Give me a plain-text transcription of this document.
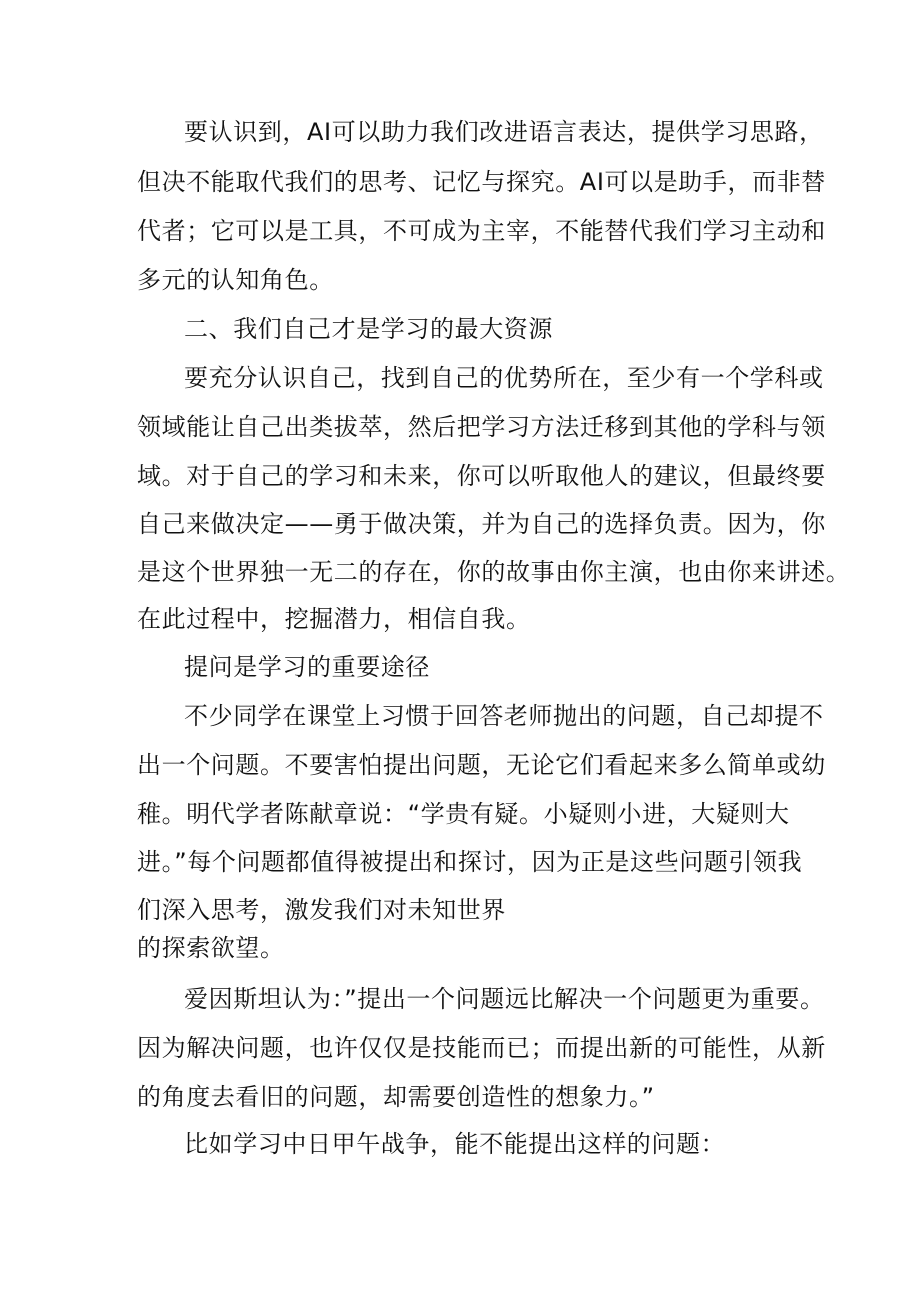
要认识到，AI可以助力我们改进语言表达，提供学习思路，
但决不能取代我们的思考、记忆与探究。AI可以是助手，而非替
代者；它可以是工具，不可成为主宰，不能替代我们学习主动和
多元的认知角色。
二、我们自己才是学习的最大资源
要充分认识自己，找到自己的优势所在，至少有一个学科或
领域能让自己出类拔萃，然后把学习方法迁移到其他的学科与领
域。对于自己的学习和未来，你可以听取他人的建议，但最终要
自己来做决定——勇于做决策，并为自己的选择负责。因为，你
是这个世界独一无二的存在，你的故事由你主演，也由你来讲述。
在此过程中，挖掘潜力，相信自我。
提问是学习的重要途径
不少同学在课堂上习惯于回答老师抛出的问题，自己却提不
出一个问题。不要害怕提出问题，无论它们看起来多么简单或幼
稚。明代学者陈献章说：“学贵有疑。小疑则小进，大疑则大
进。”每个问题都值得被提出和探讨，因为正是这些问题引领我
们深入思考，激发我们对未知世界
的探索欲望。
爱因斯坦认为：”提出一个问题远比解决一个问题更为重要。
因为解决问题，也许仅仅是技能而已；而提出新的可能性，从新
的角度去看旧的问题，却需要创造性的想象力。”
比如学习中日甲午战争，能不能提出这样的问题：
